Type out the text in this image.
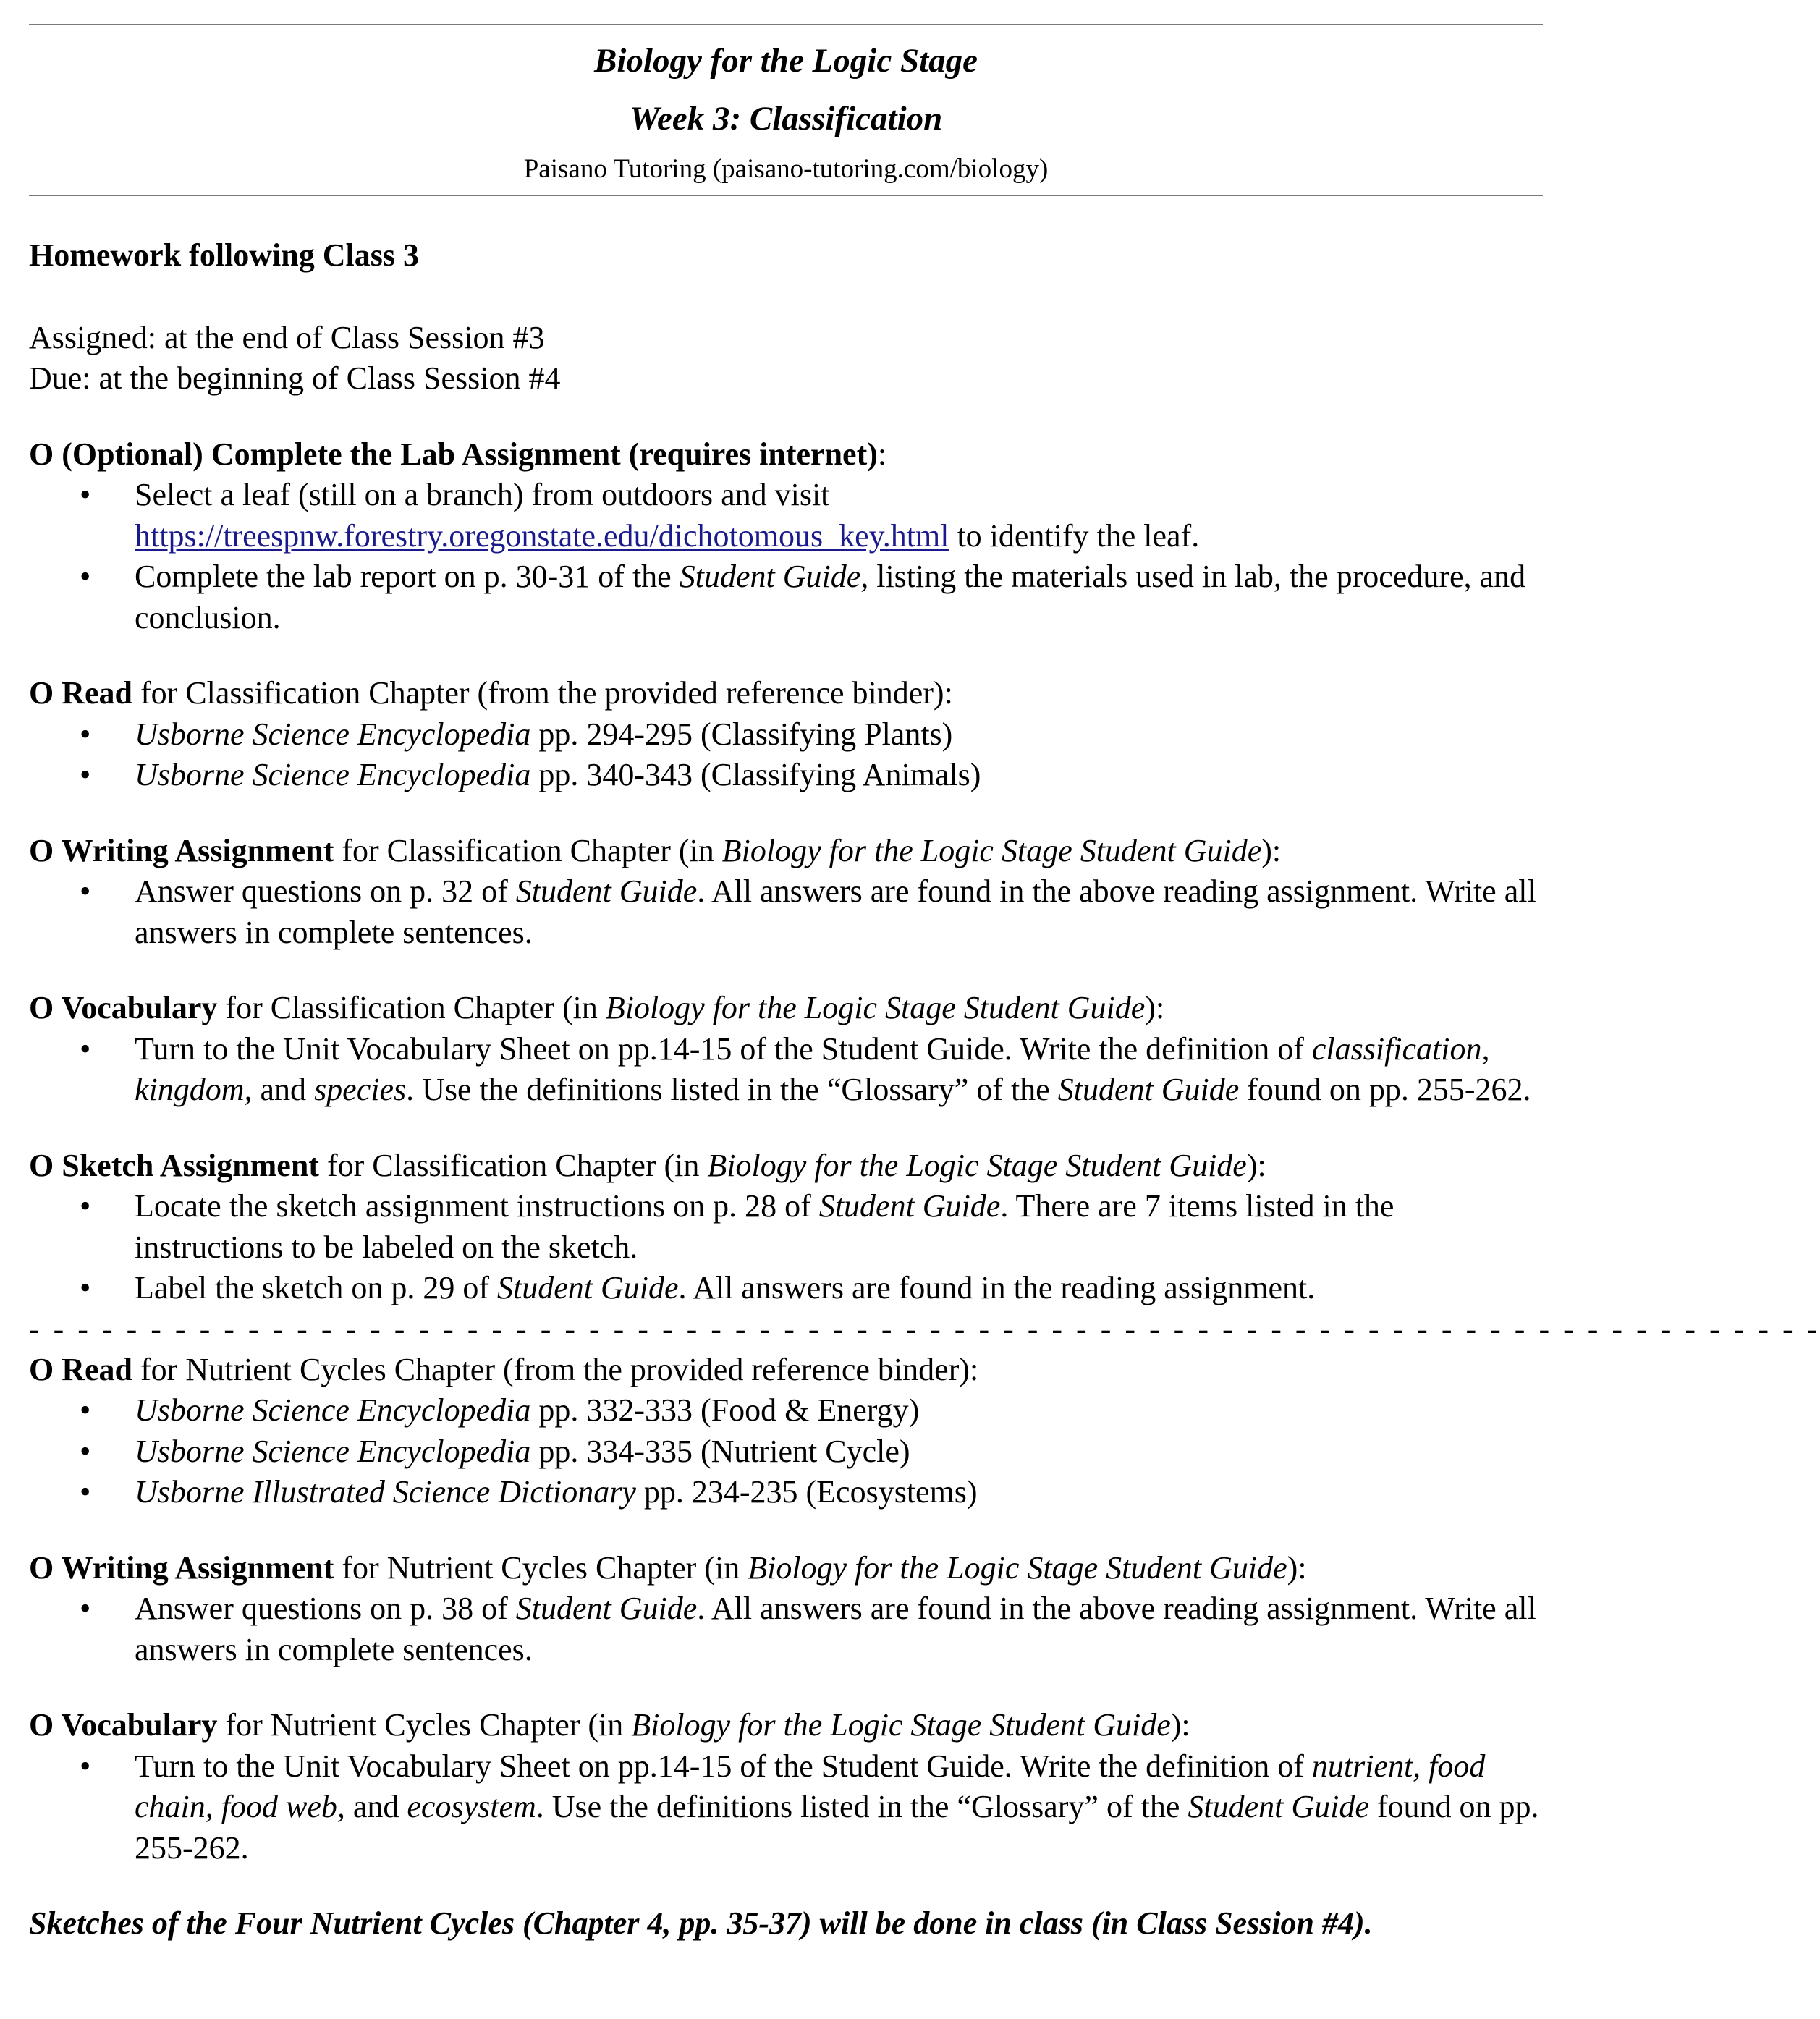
Biology for the Logic Stage
Week 3: Classification
Paisano Tutoring (paisano-tutoring.com/biology)
Homework following Class 3

Assigned: at the end of Class Session #3

Due: at the beginning of Class Session #4

O (Optional) Complete the Lab Assignment (requires internet):

• Select a leaf (still on a branch) from outdoors and visit
https://treespnw.forestry.oregonstate.edu/dichotomous_key.html to identify the leaf.
• Complete the lab report on p. 30-31 of the Student Guide, listing the materials used in lab, the procedure, and conclusion.

O Read for Classification Chapter (from the provided reference binder):

• Usborne Science Encyclopedia pp. 294-295 (Classifying Plants)
• Usborne Science Encyclopedia pp. 340-343 (Classifying Animals)

O Writing Assignment for Classification Chapter (in Biology for the Logic Stage Student Guide):

• Answer questions on p. 32 of Student Guide. All answers are found in the above reading assignment. Write all answers in complete sentences.

O Vocabulary for Classification Chapter (in Biology for the Logic Stage Student Guide):

• Turn to the Unit Vocabulary Sheet on pp.14-15 of the Student Guide. Write the definition of classification, kingdom, and species. Use the definitions listed in the “Glossary” of the Student Guide found on pp. 255-262.

O Sketch Assignment for Classification Chapter (in Biology for the Logic Stage Student Guide):

• Locate the sketch assignment instructions on p. 28 of Student Guide. There are 7 items listed in the instructions to be labeled on the sketch.
• Label the sketch on p. 29 of Student Guide. All answers are found in the reading assignment.
- - - - - - - - - - - - - - - - - - - - - - - - - - - - - - - - - - - - - - - - - - - - - - - - - - - - - - - - - - - - - - - - - - - - - - - - - -

O Read for Nutrient Cycles Chapter (from the provided reference binder):

• Usborne Science Encyclopedia pp. 332-333 (Food & Energy)
• Usborne Science Encyclopedia pp. 334-335 (Nutrient Cycle)
• Usborne Illustrated Science Dictionary pp. 234-235 (Ecosystems)

O Writing Assignment for Nutrient Cycles Chapter (in Biology for the Logic Stage Student Guide):

• Answer questions on p. 38 of Student Guide. All answers are found in the above reading assignment. Write all answers in complete sentences.

O Vocabulary for Nutrient Cycles Chapter (in Biology for the Logic Stage Student Guide):

• Turn to the Unit Vocabulary Sheet on pp.14-15 of the Student Guide. Write the definition of nutrient, food chain, food web, and ecosystem. Use the definitions listed in the “Glossary” of the Student Guide found on pp. 255-262.
Sketches of the Four Nutrient Cycles (Chapter 4, pp. 35-37) will be done in class (in Class Session #4).
